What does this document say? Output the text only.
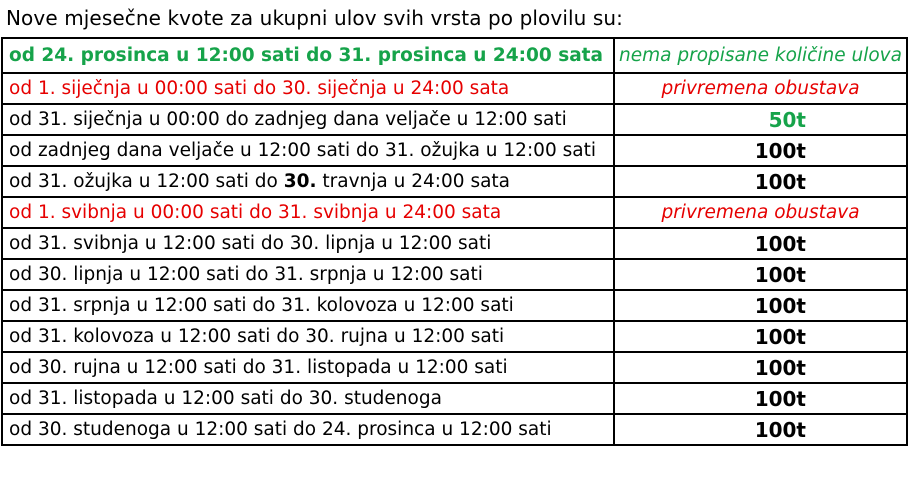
Nove mjesečne kvote za ukupni ulov svih vrsta po plovilu su:
od 24. prosinca u 12:00 sati do 31. prosinca u 24:00 sata	nema propisane količine ulova
od 1. siječnja u 00:00 sati do 30. siječnja u 24:00 sata	privremena obustava
od 31. siječnja u 00:00 do zadnjeg dana veljače u 12:00 sati	50t
od zadnjeg dana veljače u 12:00 sati do 31. ožujka u 12:00 sati	100t
od 31. ožujka u 12:00 sati do 30. travnja u 24:00 sata	100t
od 1. svibnja u 00:00 sati do 31. svibnja u 24:00 sata	privremena obustava
od 31. svibnja u 12:00 sati do 30. lipnja u 12:00 sati	100t
od 30. lipnja u 12:00 sati do 31. srpnja u 12:00 sati	100t
od 31. srpnja u 12:00 sati do 31. kolovoza u 12:00 sati	100t
od 31. kolovoza u 12:00 sati do 30. rujna u 12:00 sati	100t
od 30. rujna u 12:00 sati do 31. listopada u 12:00 sati	100t
od 31. listopada u 12:00 sati do 30. studenoga	100t
od 30. studenoga u 12:00 sati do 24. prosinca u 12:00 sati	100t
